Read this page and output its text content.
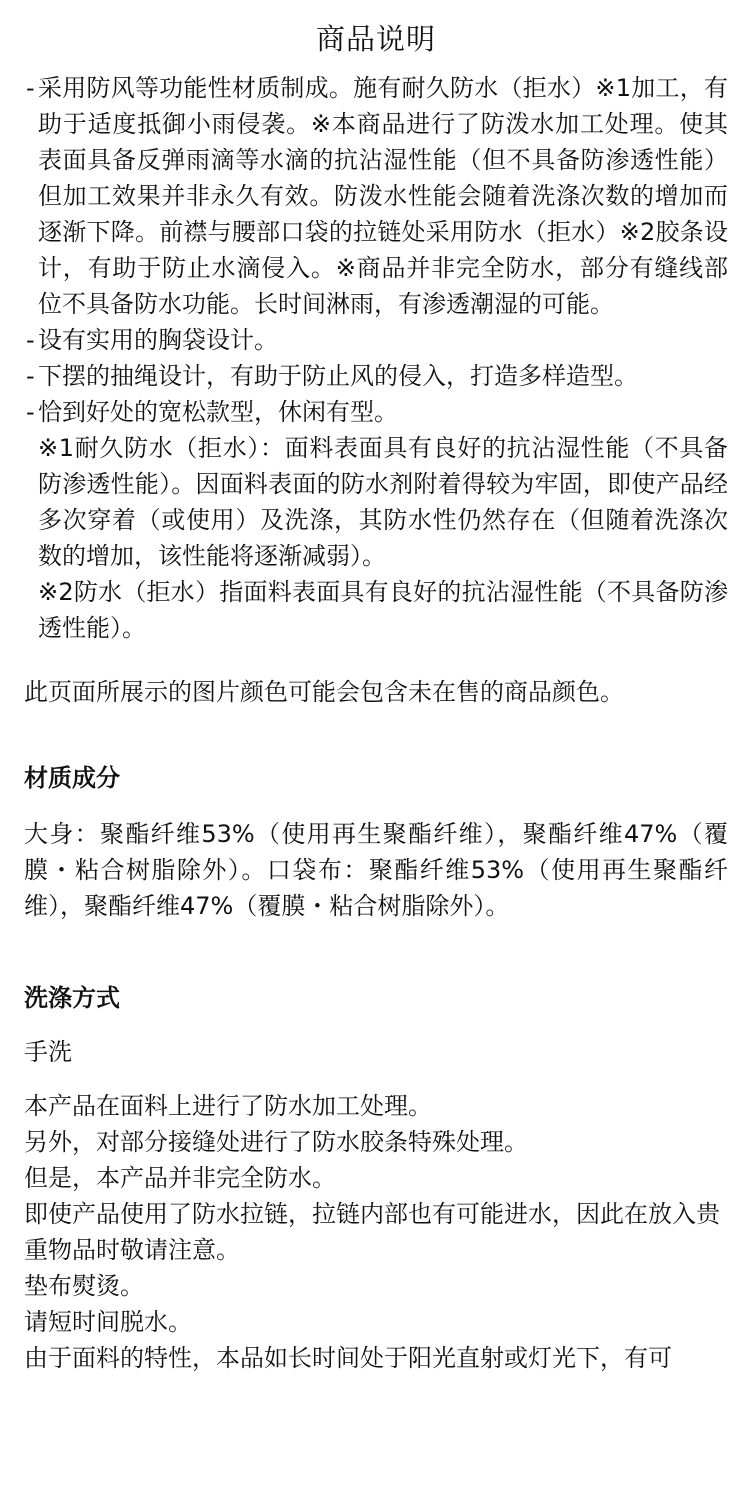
商品说明
- 采用防风等功能性材质制成。施有耐久防水（拒水）※1加工，有助于适度抵御小雨侵袭。※本商品进行了防泼水加工处理。使其表面具备反弹雨滴等水滴的抗沾湿性能（但不具备防渗透性能）但加工效果并非永久有效。防泼水性能会随着洗涤次数的增加而逐渐下降。前襟与腰部口袋的拉链处采用防水（拒水）※2胶条设计，有助于防止水滴侵入。※商品并非完全防水，部分有缝线部位不具备防水功能。长时间淋雨，有渗透潮湿的可能。
- 设有实用的胸袋设计。
- 下摆的抽绳设计，有助于防止风的侵入，打造多样造型。
- 恰到好处的宽松款型，休闲有型。
※1耐久防水（拒水）：面料表面具有良好的抗沾湿性能（不具备防渗透性能）。因面料表面的防水剂附着得较为牢固，即使产品经多次穿着（或使用）及洗涤，其防水性仍然存在（但随着洗涤次数的增加，该性能将逐渐减弱）。
※2防水（拒水）指面料表面具有良好的抗沾湿性能（不具备防渗透性能）。

此页面所展示的图片颜色可能会包含未在售的商品颜色。

材质成分

大身：聚酯纤维53%（使用再生聚酯纤维），聚酯纤维47%（覆膜・粘合树脂除外）。口袋布：聚酯纤维53%（使用再生聚酯纤维），聚酯纤维47%（覆膜・粘合树脂除外）。

洗涤方式

手洗

本产品在面料上进行了防水加工处理。
另外，对部分接缝处进行了防水胶条特殊处理。
但是，本产品并非完全防水。
即使产品使用了防水拉链，拉链内部也有可能进水，因此在放入贵重物品时敬请注意。
垫布熨烫。
请短时间脱水。
由于面料的特性，本品如长时间处于阳光直射或灯光下，有可
